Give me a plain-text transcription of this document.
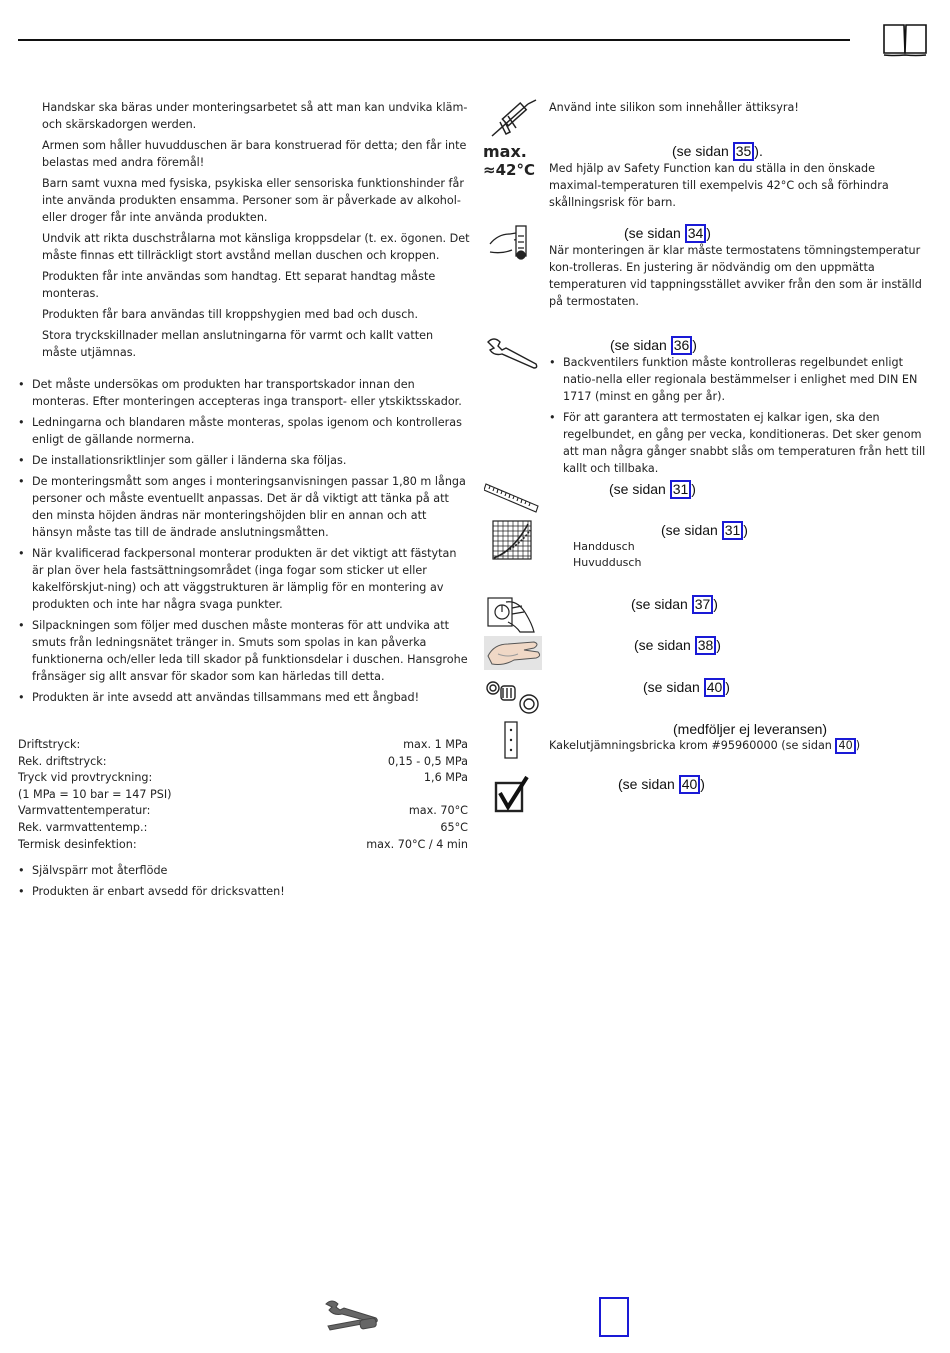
Handskar ska bäras under monteringsarbetet så att man kan undvika kläm- och skärskadorgen werden.

Armen som håller huvudduschen är bara konstruerad för detta; den får inte belastas med andra föremål!

Barn samt vuxna med fysiska, psykiska eller sensoriska funktionshinder får inte använda produkten ensamma. Personer som är påverkade av alkohol- eller droger får inte använda produkten.

Undvik att rikta duschstrålarna mot känsliga kroppsdelar (t. ex. ögonen. Det måste finnas ett tillräckligt stort avstånd mellan duschen och kroppen.

Produkten får inte användas som handtag. Ett separat handtag måste monteras.

Produkten får bara användas till kroppshygien med bad och dusch.

Stora tryckskillnader mellan anslutningarna för varmt och kallt vatten måste utjämnas.

• Det måste undersökas om produkten har transportskador innan den monteras. Efter monteringen accepteras inga transport- eller ytskiktsskador.
• Ledningarna och blandaren måste monteras, spolas igenom och kontrolleras enligt de gällande normerna.
• De installationsriktlinjer som gäller i länderna ska följas.
• De monteringsmått som anges i monteringsanvisningen passar 1,80 m långa personer och måste eventuellt anpassas. Det är då viktigt att tänka på att den minsta höjden ändras när monteringshöjden blir en annan och att hänsyn måste tas till de ändrade anslutningsmåtten.
• När kvalificerad fackpersonal monterar produkten är det viktigt att fästytan är plan över hela fastsättningsområdet (inga fogar som sticker ut eller kakelförskjut-ning) och att väggstrukturen är lämplig för en montering av produkten och inte har några svaga punkter.
• Silpackningen som följer med duschen måste monteras för att undvika att smuts från ledningsnätet tränger in. Smuts som spolas in kan påverka funktionerna och/eller leda till skador på funktionsdelar i duschen. Hansgrohe frånsäger sig allt ansvar för skador som kan härledas till detta.
• Produkten är inte avsedd att användas tillsammans med ett ångbad!
Driftstryck:	max. 1 MPa
Rek. driftstryck:	0,15 - 0,5 MPa
Tryck vid provtryckning:	1,6 MPa
(1 MPa = 10 bar = 147 PSI)	
Varmvattentemperatur:	max. 70°C
Rek. varmvattentemp.:	65°C
Termisk desinfektion:	max. 70°C / 4 min
• Självspärr mot återflöde
• Produkten är enbart avsedd för dricksvatten!
Använd inte silikon som innehåller ättiksyra!
max.
≈42°C
(se sidan 35 ).
Med hjälp av Safety Function kan du ställa in den önskade maximal-temperaturen till exempelvis 42°C och så förhindra skållningsrisk för barn.
(se sidan 34 )
När monteringen är klar måste termostatens tömningstemperatur kon-trolleras. En justering är nödvändig om den uppmätta temperaturen vid tappningsstället avviker från den som är inställd på termostaten.
(se sidan 36 )
• Backventilers funktion måste kontrolleras regelbundet enligt natio-nella eller regionala bestämmelser i enlighet med DIN EN 1717 (minst en gång per år).
• För att garantera att termostaten ej kalkar igen, ska den regelbundet, en gång per vecka, konditioneras. Det sker genom att man några gånger snabbt slås om temperaturen från hett till kallt och tillbaka.
(se sidan 31 )
(se sidan 31 )
Handdusch
Huvuddusch
(se sidan 37 )
(se sidan 38 )
(se sidan 40 )
(medföljer ej leveransen)
Kakelutjämningsbricka krom #95960000 (se sidan 40 )
(se sidan 40 )
